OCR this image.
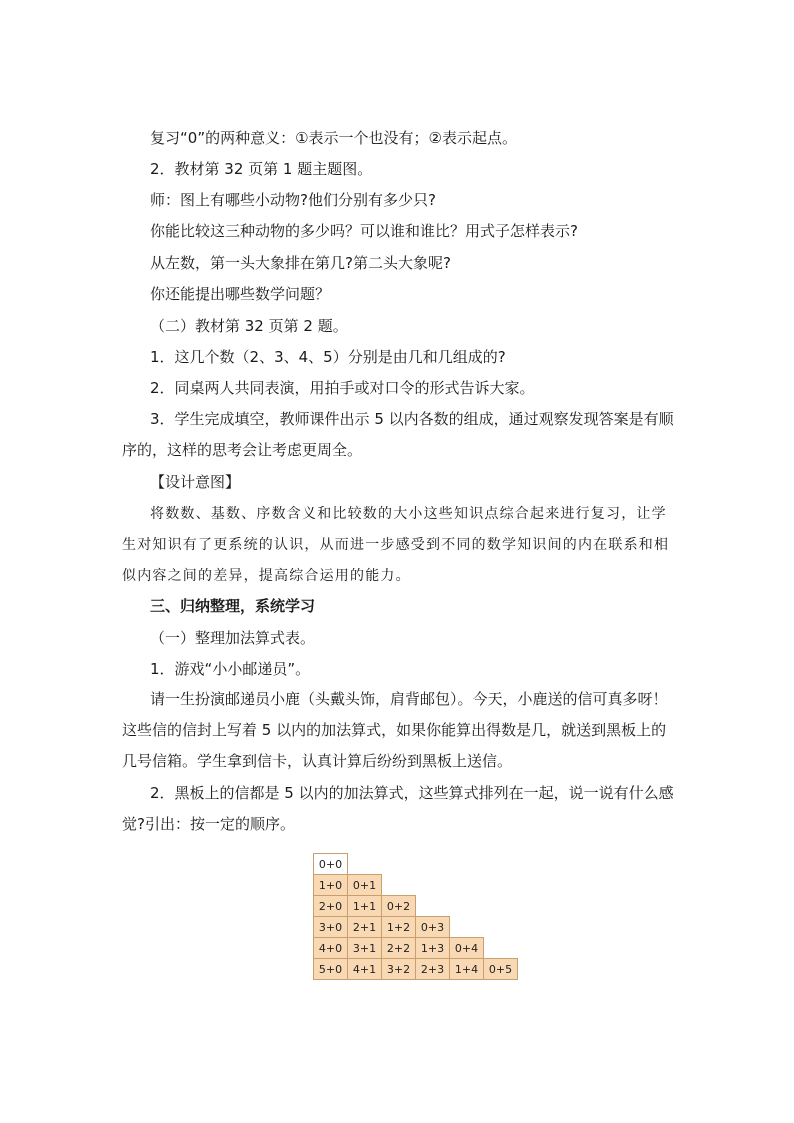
复习“0”的两种意义：①表示一个也没有；②表示起点。
2．教材第 32 页第 1 题主题图。
师：图上有哪些小动物?他们分别有多少只?
你能比较这三种动物的多少吗？可以谁和谁比？用式子怎样表示?
从左数，第一头大象排在第几?第二头大象呢?
你还能提出哪些数学问题？
（二）教材第 32 页第 2 题。
1．这几个数（2、3、4、5）分别是由几和几组成的?
2．同桌两人共同表演，用拍手或对口令的形式告诉大家。

3．学生完成填空，教师课件出示 5 以内各数的组成，通过观察发现答案是有顺序的，这样的思考会让考虑更周全。

【设计意图】

将数数、基数、序数含义和比较数的大小这些知识点综合起来进行复习，让学生对知识有了更系统的认识，从而进一步感受到不同的数学知识间的内在联系和相似内容之间的差异，提高综合运用的能力。

三、归纳整理，系统学习
（一）整理加法算式表。
1．游戏“小小邮递员”。

请一生扮演邮递员小鹿（头戴头饰，肩背邮包）。今天，小鹿送的信可真多呀！这些信的信封上写着 5 以内的加法算式，如果你能算出得数是几，就送到黑板上的几号信箱。学生拿到信卡，认真计算后纷纷到黑板上送信。

2．黑板上的信都是 5 以内的加法算式，这些算式排列在一起，说一说有什么感觉?引出：按一定的顺序。

0+0					
1+0	0+1				
2+0	1+1	0+2			
3+0	2+1	1+2	0+3		
4+0	3+1	2+2	1+3	0+4	
5+0	4+1	3+2	2+3	1+4	0+5
